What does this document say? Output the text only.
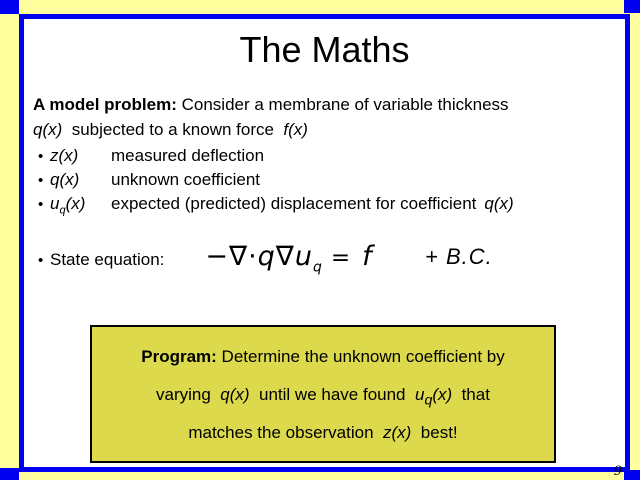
The Maths
A model problem: Consider a membrane of variable thickness
q(x)  subjected to a known force  f(x)
• z(x) measured deflection
• q(x) unknown coefficient
• $u_q(x)$ expected (predicted) displacement for coefficient q(x)
• State equation: $-\nabla\cdot q\nabla u_q = f + B.C$.
Program: Determine the unknown coefficient by
varying  q(x)  until we have found  $u_q(x)$  that
matches the observation  z(x)  best!
9
